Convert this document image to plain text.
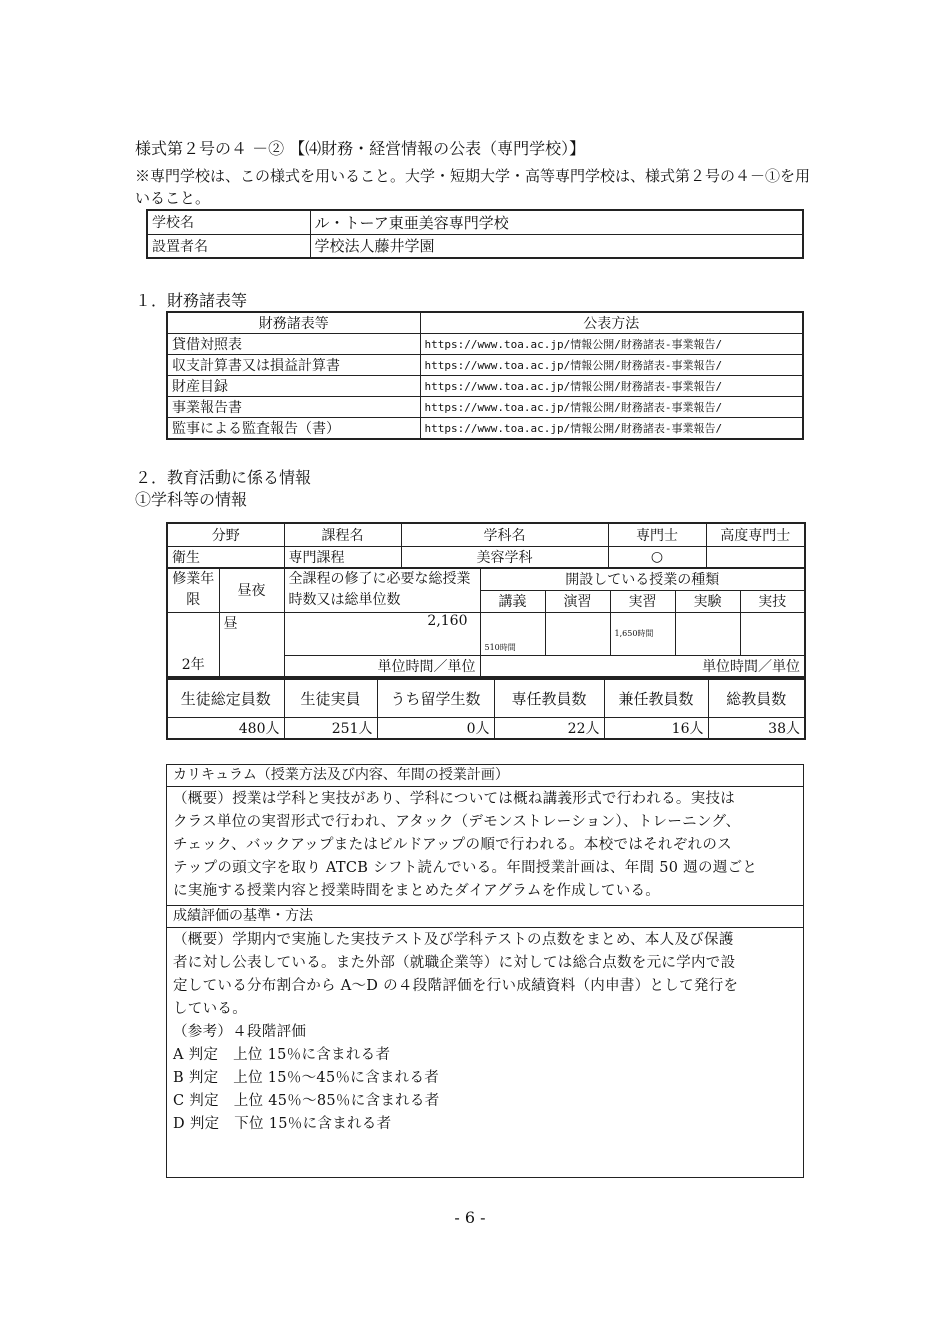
様式第２号の４ －② 【⑷財務・経営情報の公表（専門学校）】
※専門学校は、この様式を用いること。大学・短期大学・高等専門学校は、様式第２号の４－①を用いること。
学校名	ル・トーア東亜美容専門学校
設置者名	学校法人藤井学園
１．財務諸表等
財務諸表等	公表方法
貸借対照表	https://www.toa.ac.jp/情報公開/財務諸表-事業報告/
収支計算書又は損益計算書	https://www.toa.ac.jp/情報公開/財務諸表-事業報告/
財産目録	https://www.toa.ac.jp/情報公開/財務諸表-事業報告/
事業報告書	https://www.toa.ac.jp/情報公開/財務諸表-事業報告/
監事による監査報告（書）	https://www.toa.ac.jp/情報公開/財務諸表-事業報告/
２．教育活動に係る情報
①学科等の情報
分野	課程名	学科名	専門士	高度専門士
衛生	専門課程	美容学科	○	
修業年限	昼夜	全課程の修了に必要な総授業時数又は総単位数	開設している授業の種類				
			講義	演習	実習	実験	実技
2年	昼	2,160	510時間		1,650時間		
		単位時間／単位	単位時間／単位				
生徒総定員数	生徒実員	うち留学生数	専任教員数	兼任教員数	総教員数
480人	251人	0人	22人	16人	38人
カリキュラム（授業方法及び内容、年間の授業計画）
（概要）授業は学科と実技があり、学科については概ね講義形式で行われる。実技は
クラス単位の実習形式で行われ、アタック（デモンストレーション）、トレーニング、
チェック、バックアップまたはビルドアップの順で行われる。本校ではそれぞれのス
テップの頭文字を取り ATCB シフト読んでいる。年間授業計画は、年間 50 週の週ごと
に実施する授業内容と授業時間をまとめたダイアグラムを作成している。
成績評価の基準・方法
（概要）学期内で実施した実技テスト及び学科テストの点数をまとめ、本人及び保護
者に対し公表している。また外部（就職企業等）に対しては総合点数を元に学内で設
定している分布割合から A～D の４段階評価を行い成績資料（内申書）として発行を
している。
（参考）４段階評価
A 判定　上位 15％に含まれる者
B 判定　上位 15％～45％に含まれる者
C 判定　上位 45％～85％に含まれる者
D 判定　下位 15％に含まれる者
- 6 -
